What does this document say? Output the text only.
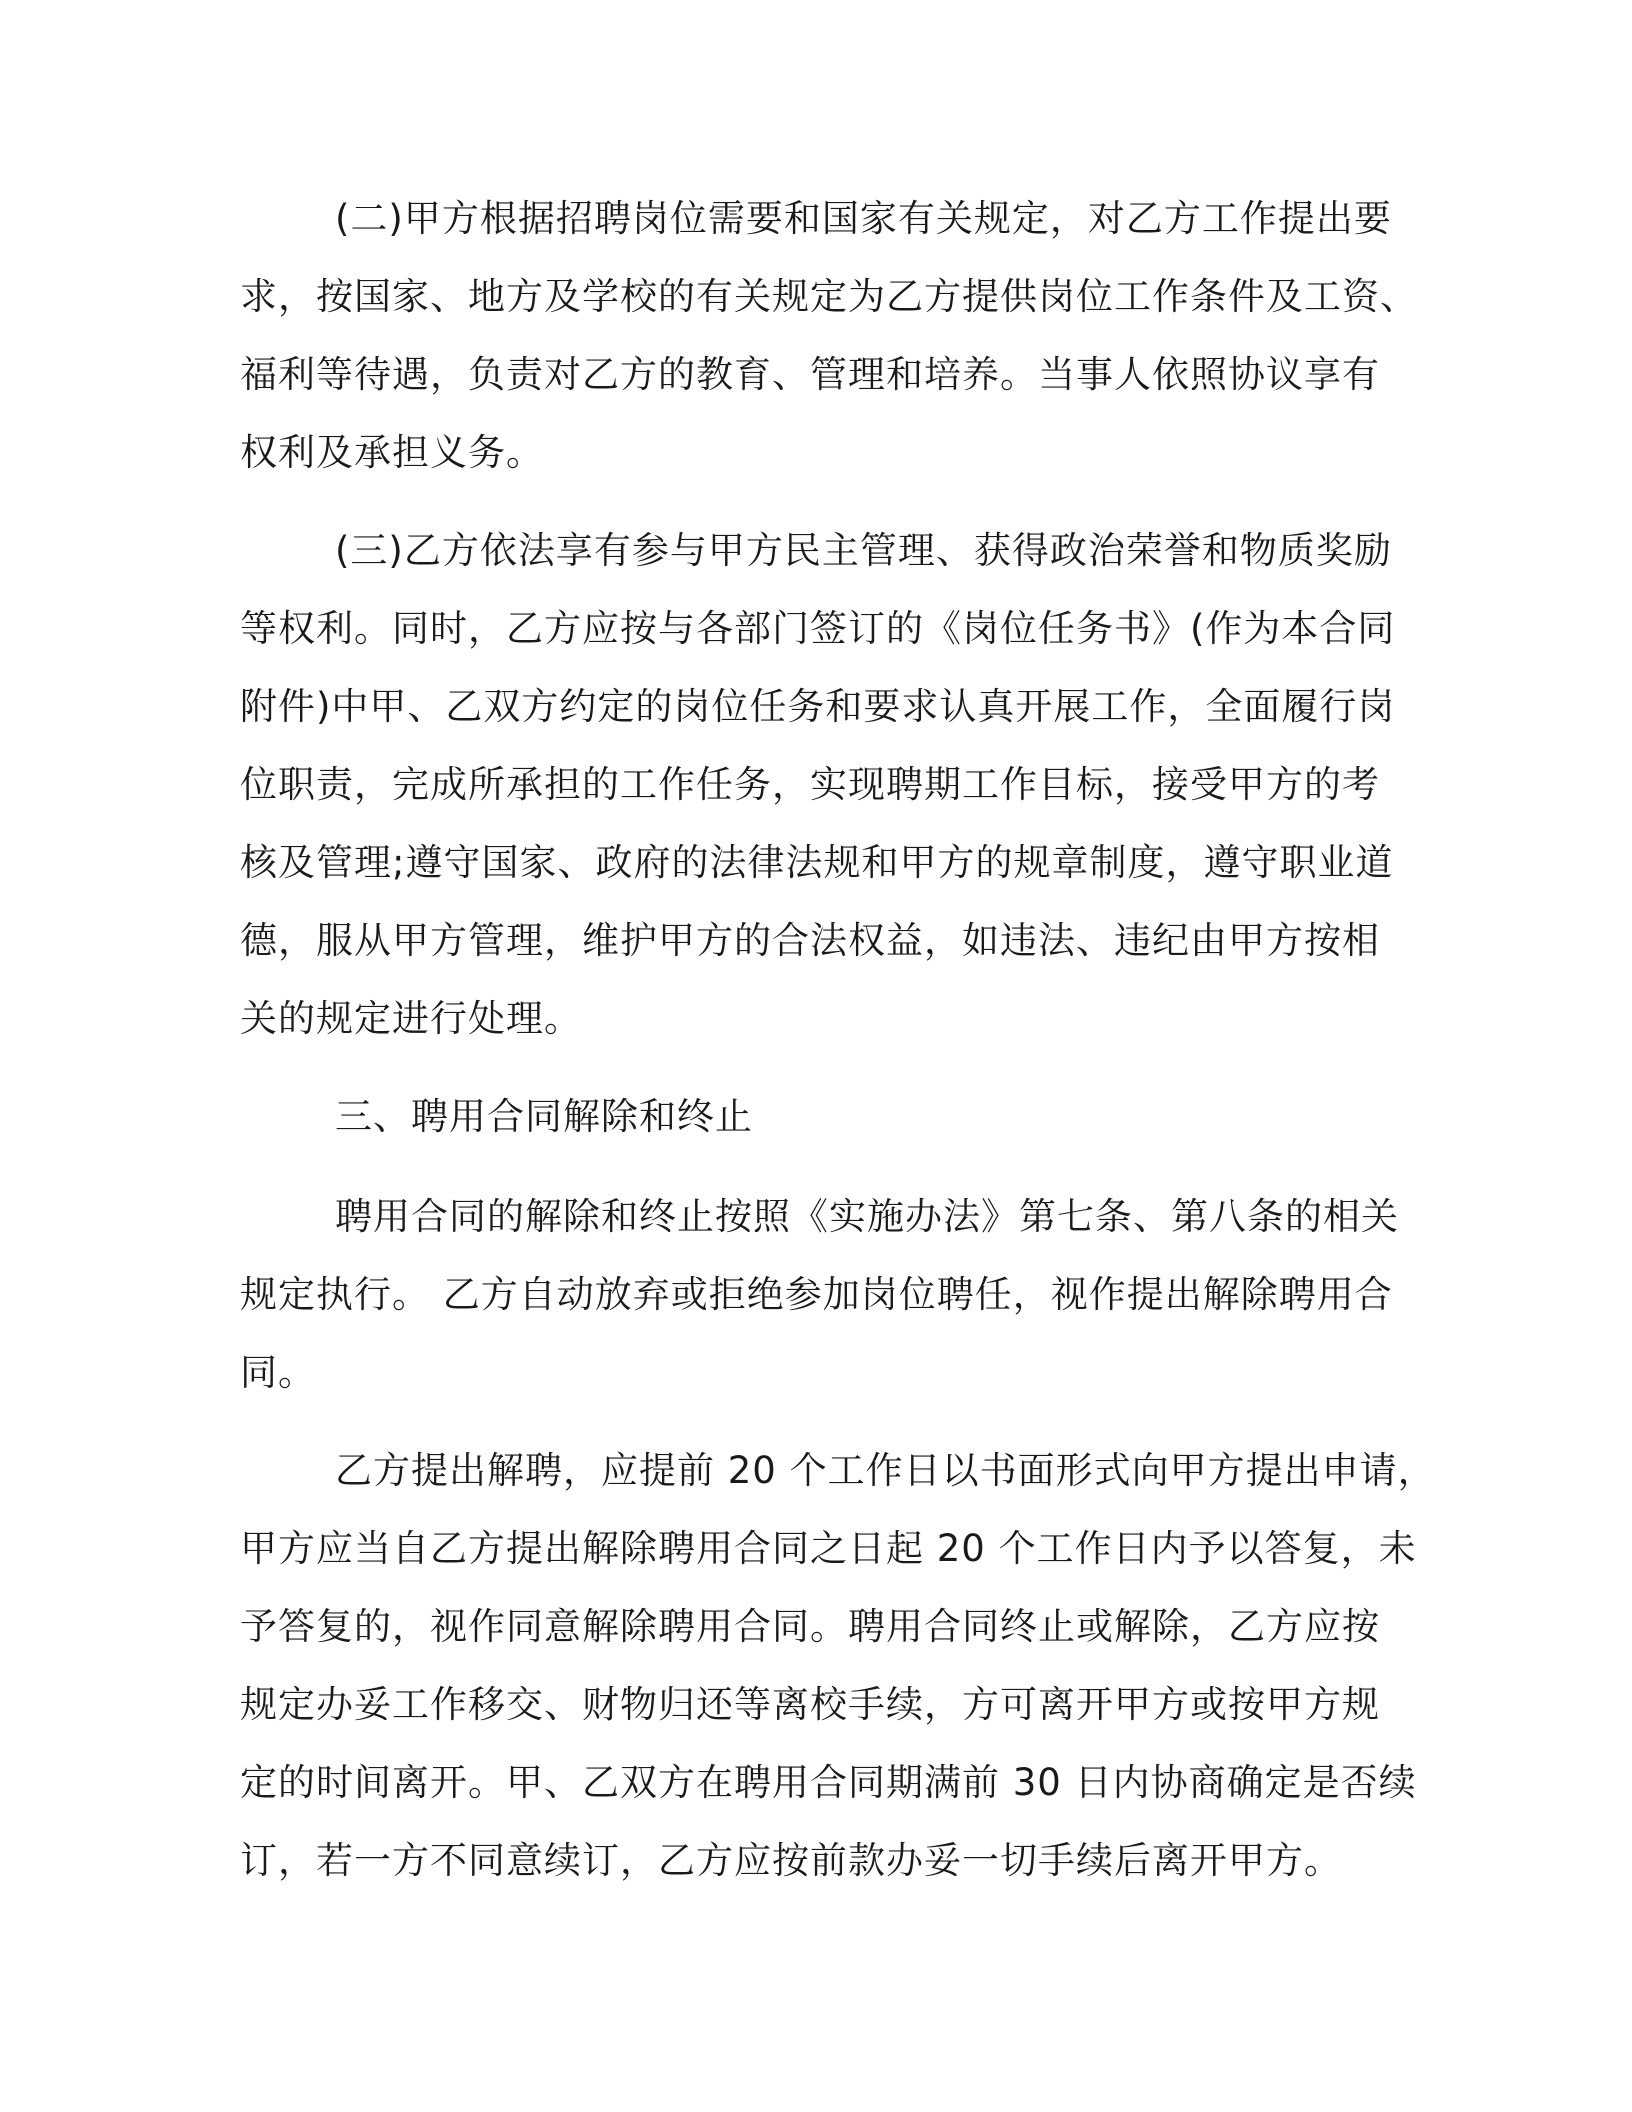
(二)甲方根据招聘岗位需要和国家有关规定，对乙方工作提出要
求，按国家、地方及学校的有关规定为乙方提供岗位工作条件及工资、
福利等待遇，负责对乙方的教育、管理和培养。当事人依照协议享有
权利及承担义务。
(三)乙方依法享有参与甲方民主管理、获得政治荣誉和物质奖励
等权利。同时，乙方应按与各部门签订的《岗位任务书》(作为本合同
附件)中甲、乙双方约定的岗位任务和要求认真开展工作，全面履行岗
位职责，完成所承担的工作任务，实现聘期工作目标，接受甲方的考
核及管理;遵守国家、政府的法律法规和甲方的规章制度，遵守职业道
德，服从甲方管理，维护甲方的合法权益，如违法、违纪由甲方按相
关的规定进行处理。
三、聘用合同解除和终止
聘用合同的解除和终止按照《实施办法》第七条、第八条的相关
规定执行。 乙方自动放弃或拒绝参加岗位聘任，视作提出解除聘用合
同。
乙方提出解聘，应提前 20 个工作日以书面形式向甲方提出申请，
甲方应当自乙方提出解除聘用合同之日起 20 个工作日内予以答复，未
予答复的，视作同意解除聘用合同。聘用合同终止或解除，乙方应按
规定办妥工作移交、财物归还等离校手续，方可离开甲方或按甲方规
定的时间离开。甲、乙双方在聘用合同期满前 30 日内协商确定是否续
订，若一方不同意续订，乙方应按前款办妥一切手续后离开甲方。
